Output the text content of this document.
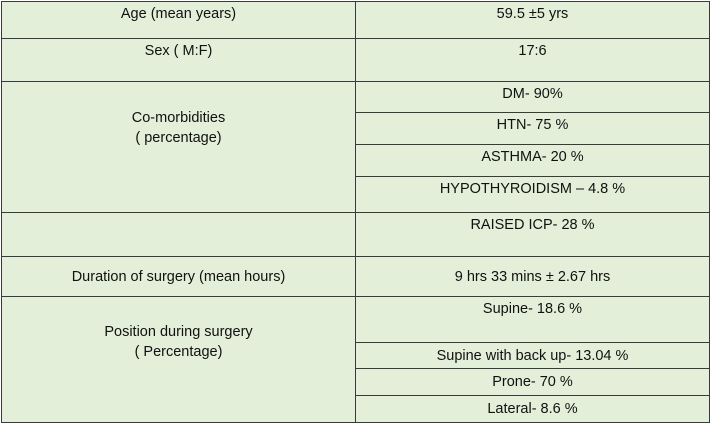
Age (mean years)	59.5 ±5 yrs

Sex ( M:F)	17:6

Co-morbidities
( percentage)	DM- 90%

	HTN- 75 %

	ASTHMA- 20 %

	HYPOTHYROIDISM – 4.8 %

	RAISED ICP- 28 %

Duration of surgery (mean hours)	9 hrs 33 mins ± 2.67 hrs

Position during surgery
( Percentage)	Supine- 18.6 %

	Supine with back up- 13.04 %

	Prone- 70 %

	Lateral- 8.6 %
